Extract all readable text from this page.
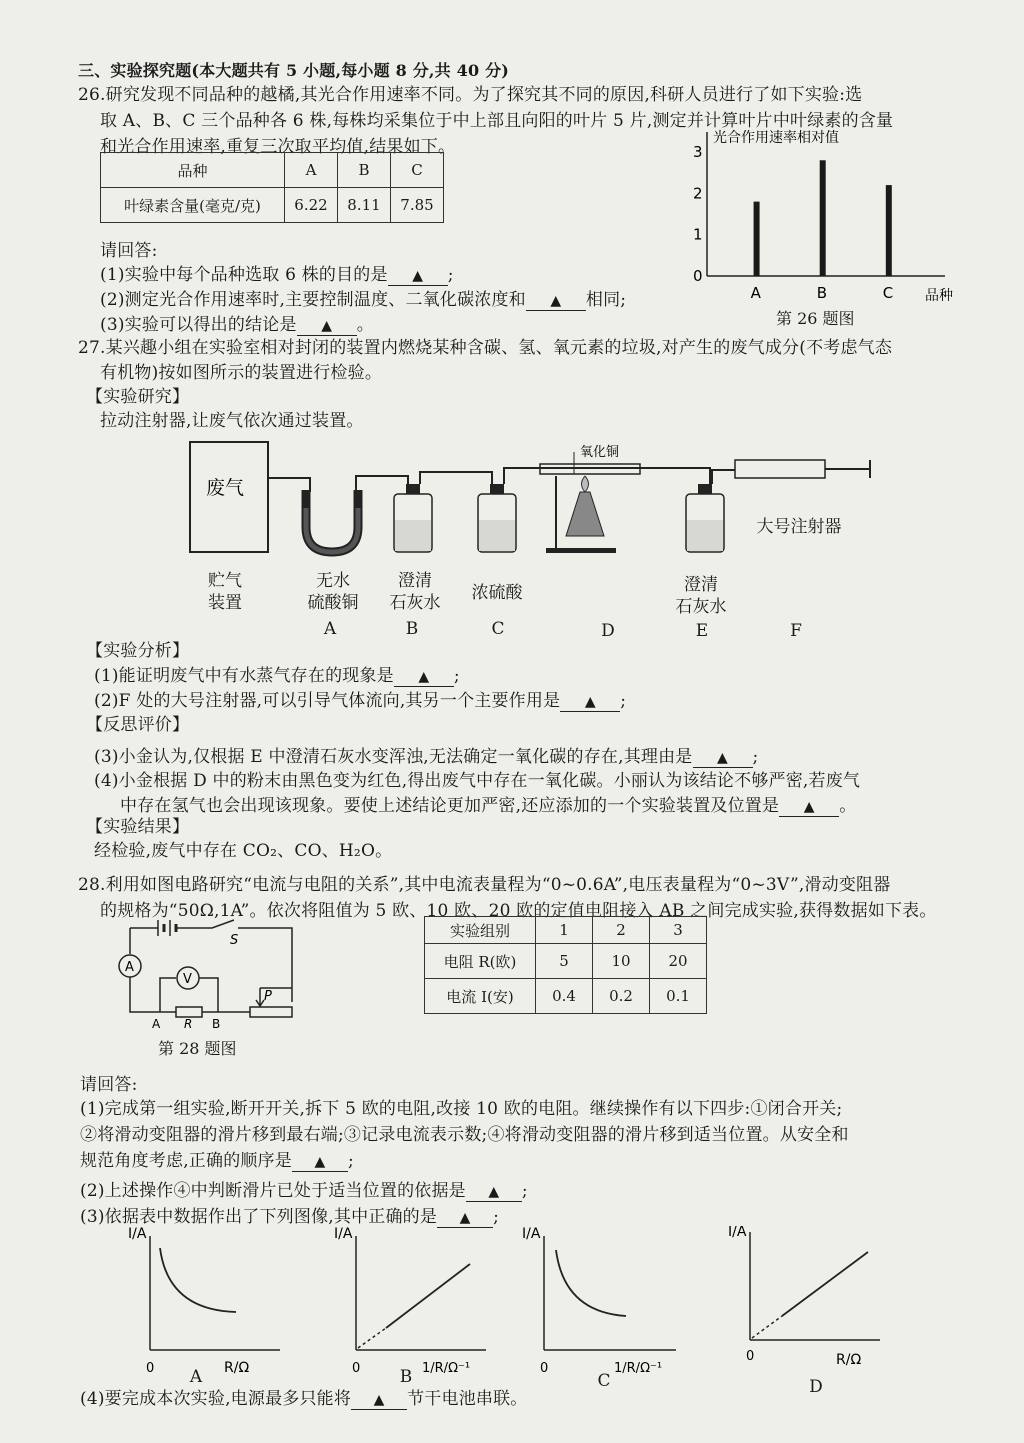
三、实验探究题(本大题共有 5 小题,每小题 8 分,共 40 分)
26.研究发现不同品种的越橘,其光合作用速率不同。为了探究其不同的原因,科研人员进行了如下实验:选
取 A、B、C 三个品种各 6 株,每株均采集位于中上部且向阳的叶片 5 片,测定并计算叶片中叶绿素的含量
和光合作用速率,重复三次取平均值,结果如下。
品种	A	B	C
叶绿素含量(毫克/克)	6.22	8.11	7.85
请回答:
(1)实验中每个品种选取 6 株的目的是 ▲ ;
(2)测定光合作用速率时,主要控制温度、二氧化碳浓度和 ▲ 相同;
(3)实验可以得出的结论是 ▲ 。
光合作用速率相对值
品种
0
1
2
3
A	B	C
第 26 题图
27.某兴趣小组在实验室相对封闭的装置内燃烧某种含碳、氢、氧元素的垃圾,对产生的废气成分(不考虑气态
有机物)按如图所示的装置进行检验。
【实验研究】
拉动注射器,让废气依次通过装置。
废气
氧化铜
贮气
装置
大号注射器
无水
硫酸铜
澄清
石灰水	浓硫酸	澄清
石灰水
A	B	C	D	E	F
【实验分析】
(1)能证明废气中有水蒸气存在的现象是 ▲ ;
(2)F 处的大号注射器,可以引导气体流向,其另一个主要作用是 ▲ ;
【反思评价】
(3)小金认为,仅根据 E 中澄清石灰水变浑浊,无法确定一氧化碳的存在,其理由是 ▲ ;
(4)小金根据 D 中的粉末由黑色变为红色,得出废气中存在一氧化碳。小丽认为该结论不够严密,若废气
中存在氢气也会出现该现象。要使上述结论更加严密,还应添加的一个实验装置及位置是 ▲ 。
【实验结果】
经检验,废气中存在 CO₂、CO、H₂O。
28.利用如图电路研究“电流与电阻的关系”,其中电流表量程为“0~0.6A”,电压表量程为“0~3V”,滑动变阻器
的规格为“50Ω,1A”。依次将阻值为 5 欧、10 欧、20 欧的定值电阻接入 AB 之间完成实验,获得数据如下表。
S
A
V
P
A R B
第 28 题图
实验组别	1	2	3
电阻 R(欧)	5	10	20
电流 I(安)	0.4	0.2	0.1
请回答:
(1)完成第一组实验,断开开关,拆下 5 欧的电阻,改接 10 欧的电阻。继续操作有以下四步:①闭合开关;
②将滑动变阻器的滑片移到最右端;③记录电流表示数;④将滑动变阻器的滑片移到适当位置。从安全和
规范角度考虑,正确的顺序是 ▲ ;
(2)上述操作④中判断滑片已处于适当位置的依据是 ▲ ;
(3)依据表中数据作出了下列图像,其中正确的是 ▲ ;
I/A
R/Ω
0
I/A
1/R/Ω⁻¹
0
I/A
1/R/Ω⁻¹
0
I/A
R/Ω
0
A	B	C	D
(4)要完成本次实验,电源最多只能将 ▲ 节干电池串联。
